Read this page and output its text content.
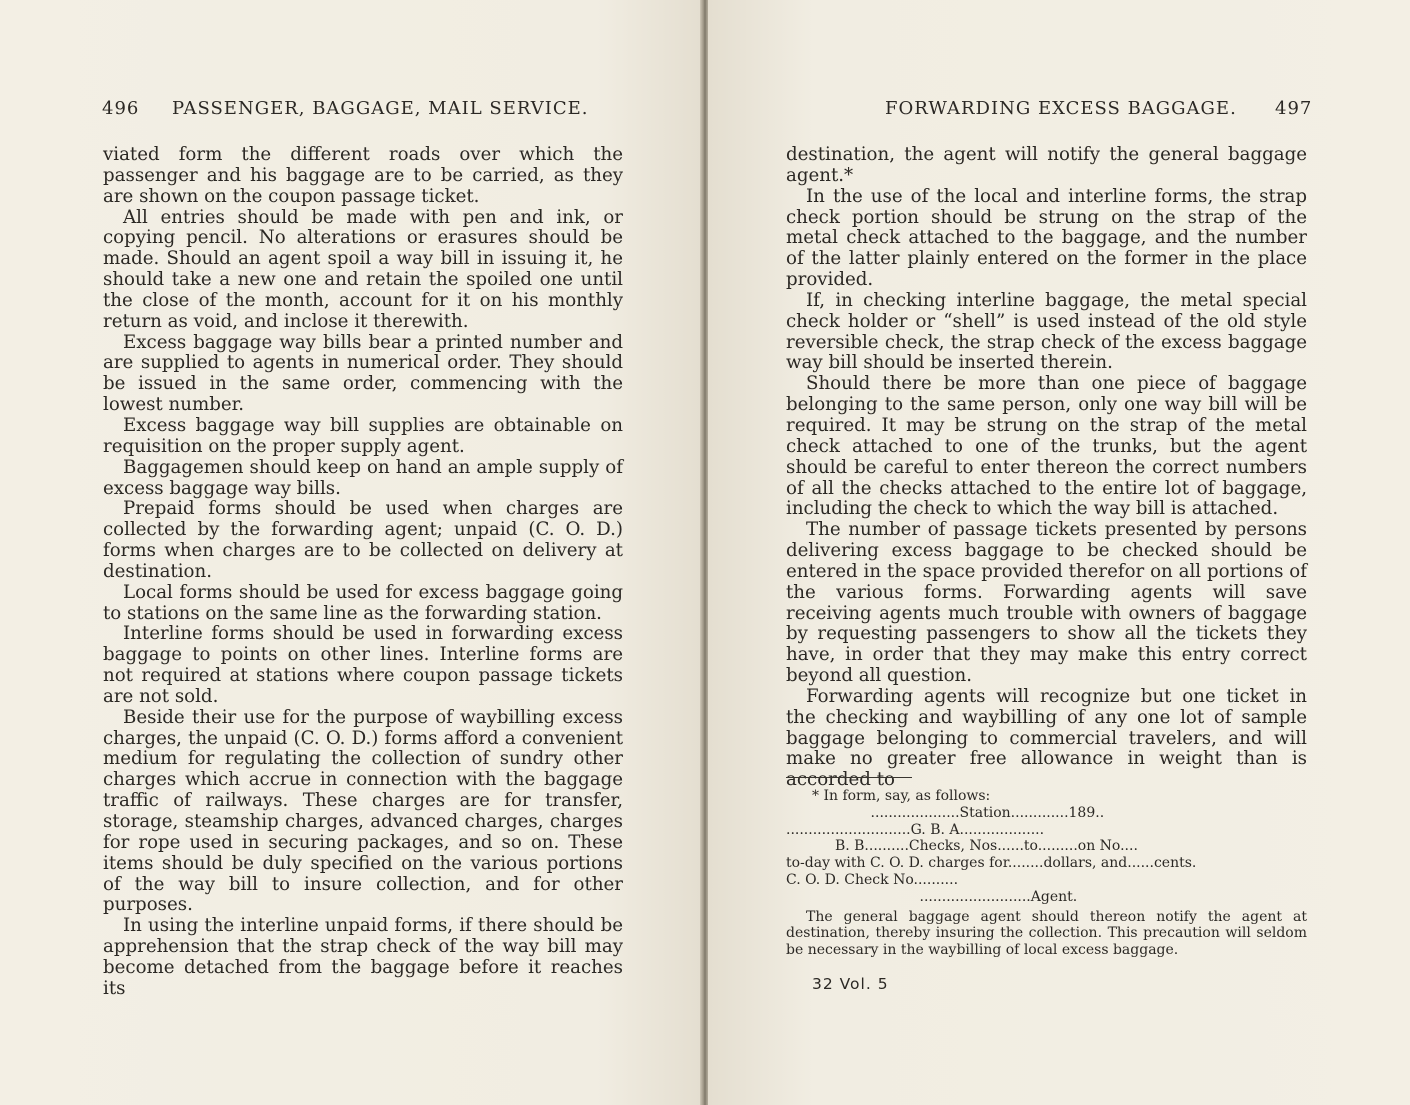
496 PASSENGER, BAGGAGE, MAIL SERVICE.

viated form the different roads over which the passenger and his baggage are to be carried, as they are shown on the coupon passage ticket.

All entries should be made with pen and ink, or copying pencil. No alterations or erasures should be made. Should an agent spoil a way bill in issuing it, he should take a new one and retain the spoiled one until the close of the month, account for it on his monthly return as void, and inclose it therewith.

Excess baggage way bills bear a printed number and are supplied to agents in numerical order. They should be issued in the same order, commencing with the lowest number.

Excess baggage way bill supplies are obtainable on requisition on the proper supply agent.

Baggagemen should keep on hand an ample supply of excess baggage way bills.

Prepaid forms should be used when charges are collected by the forwarding agent; unpaid (C. O. D.) forms when charges are to be collected on delivery at destination.

Local forms should be used for excess baggage going to stations on the same line as the forwarding station.

Interline forms should be used in forwarding excess baggage to points on other lines. Interline forms are not required at stations where coupon passage tickets are not sold.

Beside their use for the purpose of waybilling excess charges, the unpaid (C. O. D.) forms afford a convenient medium for regulating the collection of sundry other charges which accrue in connection with the baggage traffic of railways. These charges are for transfer, storage, steamship charges, advanced charges, charges for rope used in securing packages, and so on. These items should be duly specified on the various portions of the way bill to insure collection, and for other purposes.

In using the interline unpaid forms, if there should be apprehension that the strap check of the way bill may become detached from the baggage before it reaches its

FORWARDING EXCESS BAGGAGE. 497

destination, the agent will notify the general baggage agent.*

In the use of the local and interline forms, the strap check portion should be strung on the strap of the metal check attached to the baggage, and the number of the latter plainly entered on the former in the place provided.

If, in checking interline baggage, the metal special check holder or “shell” is used instead of the old style reversible check, the strap check of the excess baggage way bill should be inserted therein.

Should there be more than one piece of baggage belonging to the same person, only one way bill will be required. It may be strung on the strap of the metal check attached to one of the trunks, but the agent should be careful to enter thereon the correct numbers of all the checks attached to the entire lot of baggage, including the check to which the way bill is attached.

The number of passage tickets presented by persons delivering excess baggage to be checked should be entered in the space provided therefor on all portions of the various forms. Forwarding agents will save receiving agents much trouble with owners of baggage by requesting passengers to show all the tickets they have, in order that they may make this entry correct beyond all question.

Forwarding agents will recognize but one ticket in the checking and waybilling of any one lot of sample baggage belonging to commercial travelers, and will make no greater free allowance in weight than is accorded to

* In form, say, as follows:
....................Station.............189..
............................G. B. A...................
B. B..........Checks, Nos......to.........on No....
to-day with C. O. D. charges for........dollars, and......cents.
C. O. D. Check No..........
.........................Agent.

The general baggage agent should thereon notify the agent at destination, thereby insuring the collection. This precaution will seldom be necessary in the waybilling of local excess baggage.

32 Vol. 5
